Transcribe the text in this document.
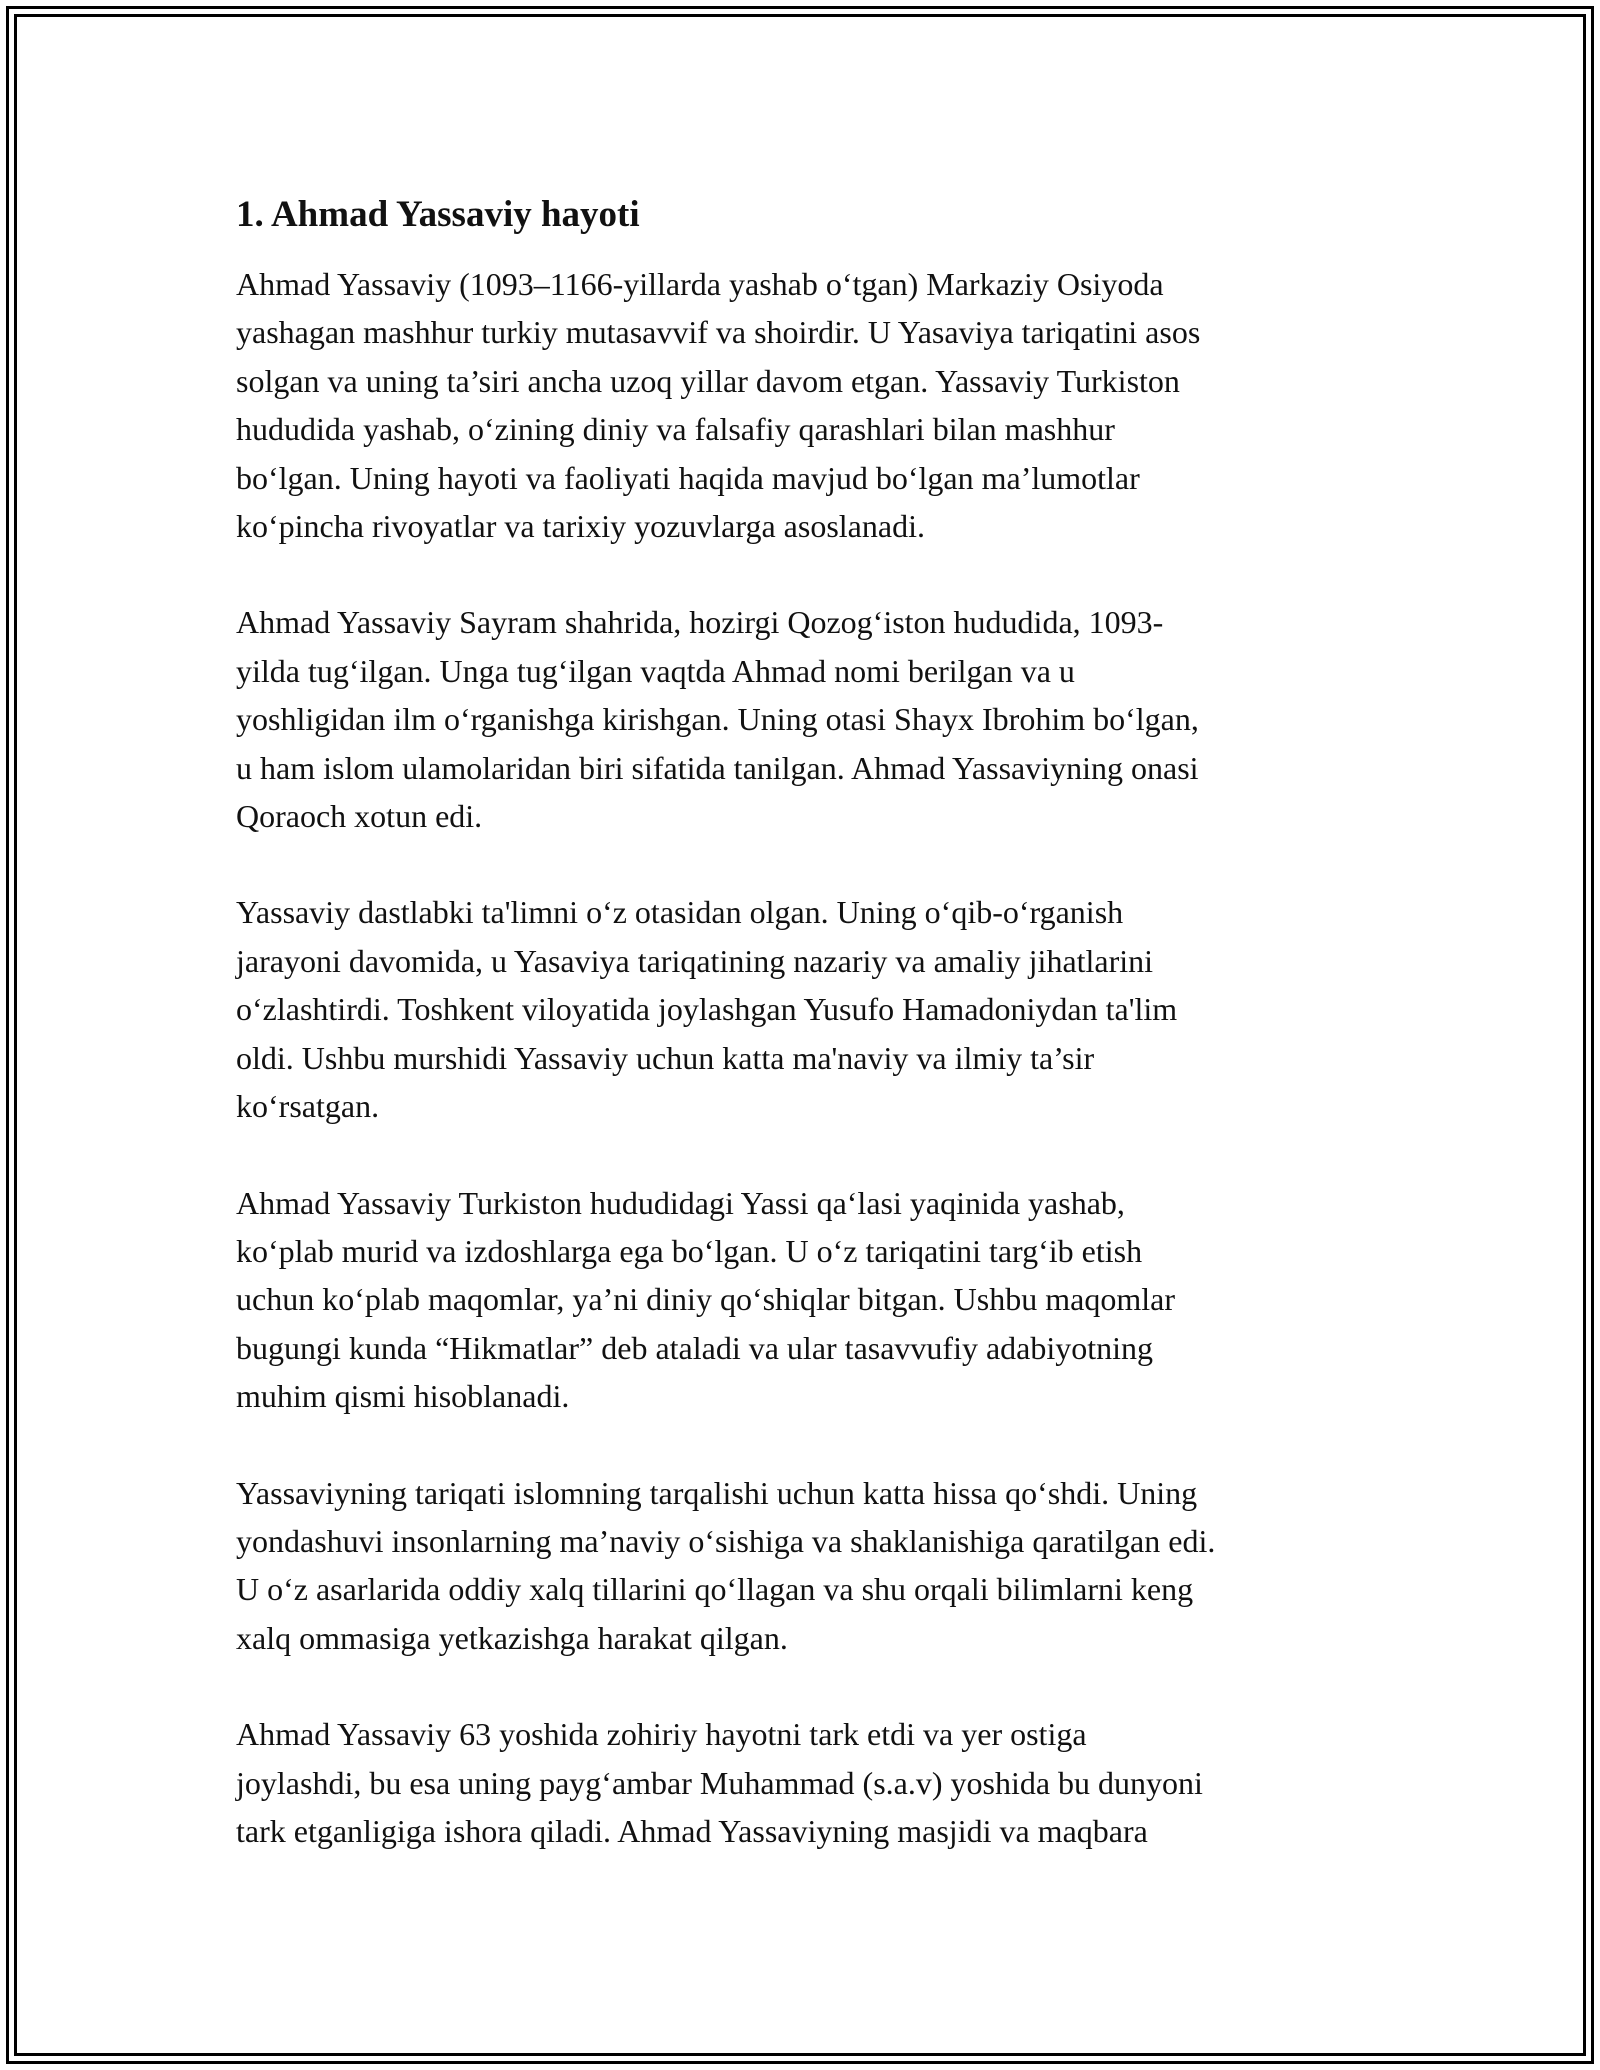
1. Ahmad Yassaviy hayoti

Ahmad Yassaviy (1093–1166-yillarda yashab o‘tgan) Markaziy Osiyoda
yashagan mashhur turkiy mutasavvif va shoirdir. U Yasaviya tariqatini asos
solgan va uning ta’siri ancha uzoq yillar davom etgan. Yassaviy Turkiston
hududida yashab, o‘zining diniy va falsafiy qarashlari bilan mashhur
bo‘lgan. Uning hayoti va faoliyati haqida mavjud bo‘lgan ma’lumotlar
ko‘pincha rivoyatlar va tarixiy yozuvlarga asoslanadi.

Ahmad Yassaviy Sayram shahrida, hozirgi Qozog‘iston hududida, 1093-
yilda tug‘ilgan. Unga tug‘ilgan vaqtda Ahmad nomi berilgan va u
yoshligidan ilm o‘rganishga kirishgan. Uning otasi Shayx Ibrohim bo‘lgan,
u ham islom ulamolaridan biri sifatida tanilgan. Ahmad Yassaviyning onasi
Qoraoch xotun edi.

Yassaviy dastlabki ta'limni o‘z otasidan olgan. Uning o‘qib-o‘rganish
jarayoni davomida, u Yasaviya tariqatining nazariy va amaliy jihatlarini
o‘zlashtirdi. Toshkent viloyatida joylashgan Yusufo Hamadoniydan ta'lim
oldi. Ushbu murshidi Yassaviy uchun katta ma'naviy va ilmiy ta’sir
ko‘rsatgan.

Ahmad Yassaviy Turkiston hududidagi Yassi qa‘lasi yaqinida yashab,
ko‘plab murid va izdoshlarga ega bo‘lgan. U o‘z tariqatini targ‘ib etish
uchun ko‘plab maqomlar, ya’ni diniy qo‘shiqlar bitgan. Ushbu maqomlar
bugungi kunda “Hikmatlar” deb ataladi va ular tasavvufiy adabiyotning
muhim qismi hisoblanadi.

Yassaviyning tariqati islomning tarqalishi uchun katta hissa qo‘shdi. Uning
yondashuvi insonlarning ma’naviy o‘sishiga va shaklanishiga qaratilgan edi.
U o‘z asarlarida oddiy xalq tillarini qo‘llagan va shu orqali bilimlarni keng
xalq ommasiga yetkazishga harakat qilgan.

Ahmad Yassaviy 63 yoshida zohiriy hayotni tark etdi va yer ostiga
joylashdi, bu esa uning payg‘ambar Muhammad (s.a.v) yoshida bu dunyoni
tark etganligiga ishora qiladi. Ahmad Yassaviyning masjidi va maqbara
